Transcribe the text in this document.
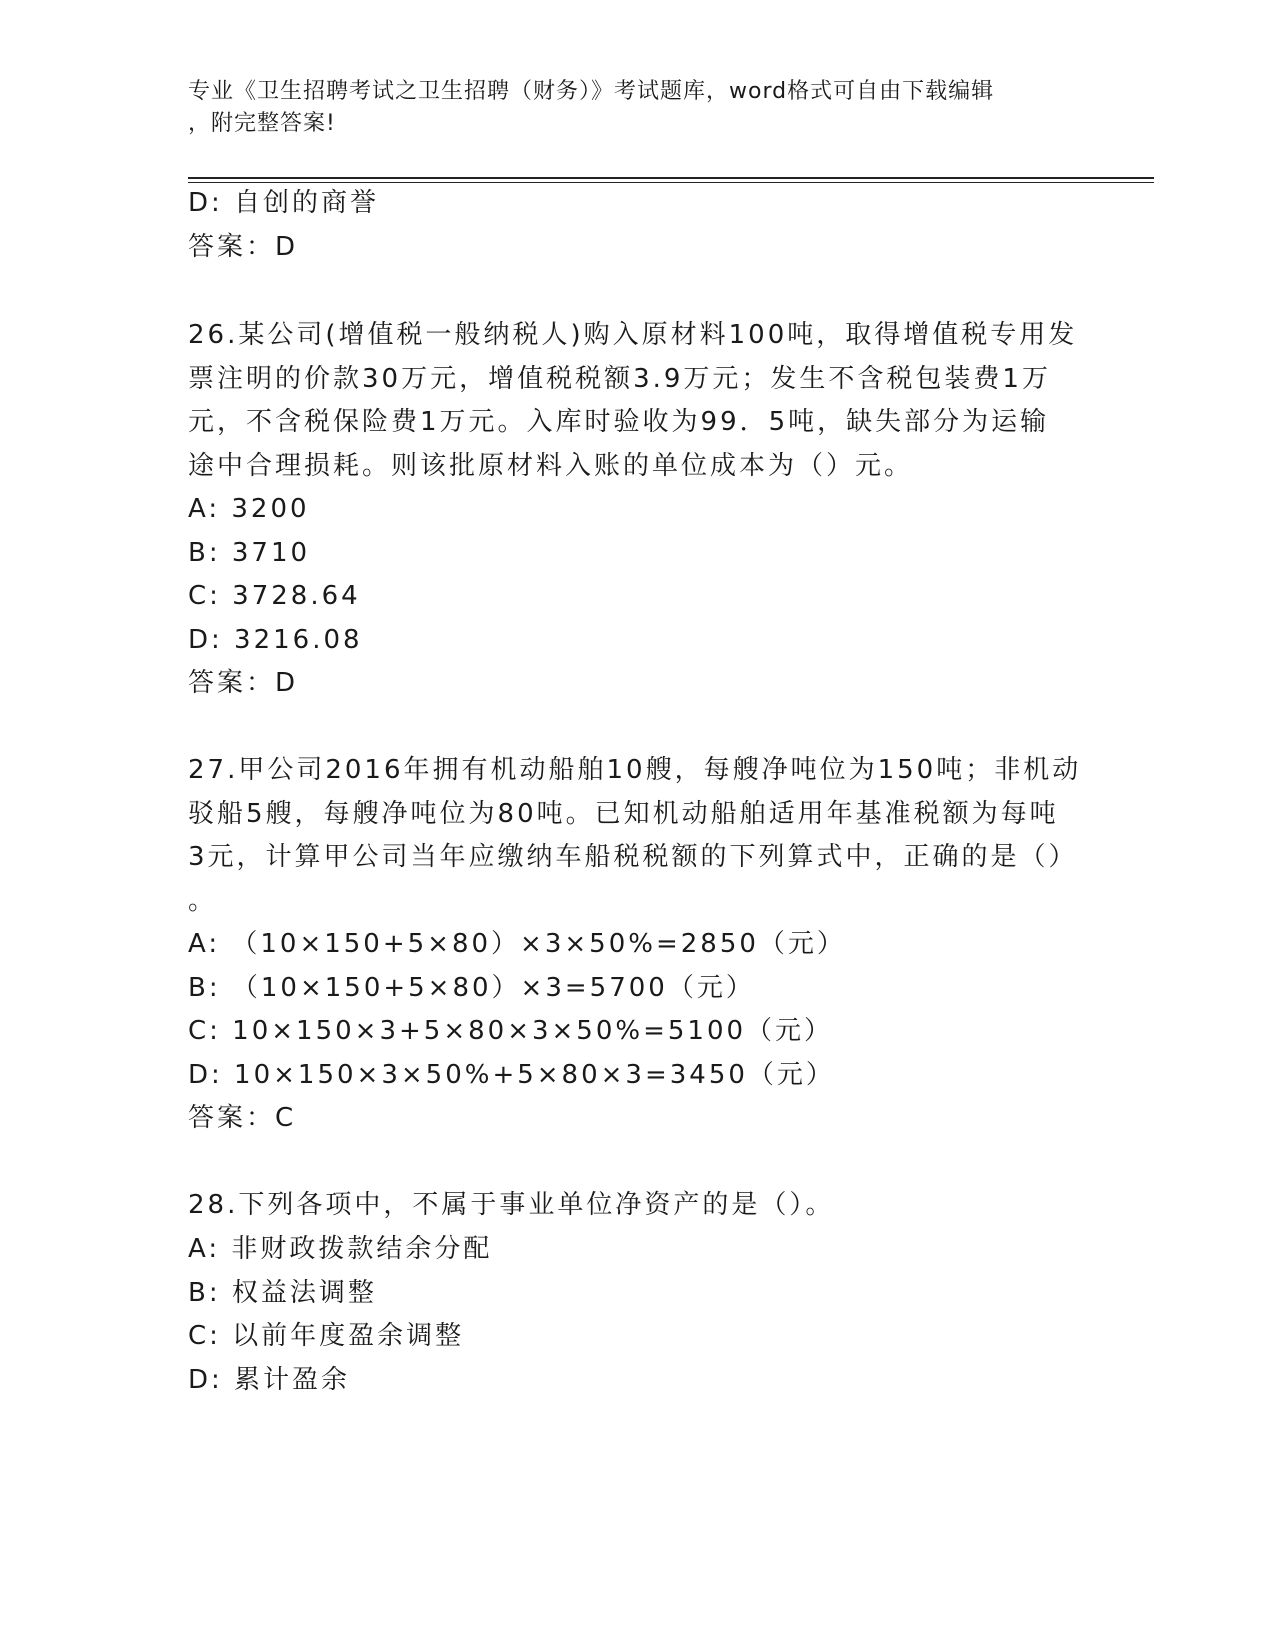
专业《卫生招聘考试之卫生招聘（财务）》考试题库，word格式可自由下载编辑
，附完整答案!
D: 自创的商誉
答案：D
26.某公司(增值税一般纳税人)购入原材料100吨，取得增值税专用发
票注明的价款30万元，增值税税额3.9万元；发生不含税包装费1万
元，不含税保险费1万元。入库时验收为99．5吨，缺失部分为运输
途中合理损耗。则该批原材料入账的单位成本为（）元。
A: 3200
B: 3710
C: 3728.64
D: 3216.08
答案：D
27.甲公司2016年拥有机动船舶10艘，每艘净吨位为150吨；非机动
驳船5艘，每艘净吨位为80吨。已知机动船舶适用年基准税额为每吨
3元，计算甲公司当年应缴纳车船税税额的下列算式中，正确的是（）
。
A: （10×150+5×80）×3×50%=2850（元）
B: （10×150+5×80）×3=5700（元）
C: 10×150×3+5×80×3×50%=5100（元）
D: 10×150×3×50%+5×80×3=3450（元）
答案：C
28.下列各项中，不属于事业单位净资产的是（）。
A: 非财政拨款结余分配
B: 权益法调整
C: 以前年度盈余调整
D: 累计盈余
